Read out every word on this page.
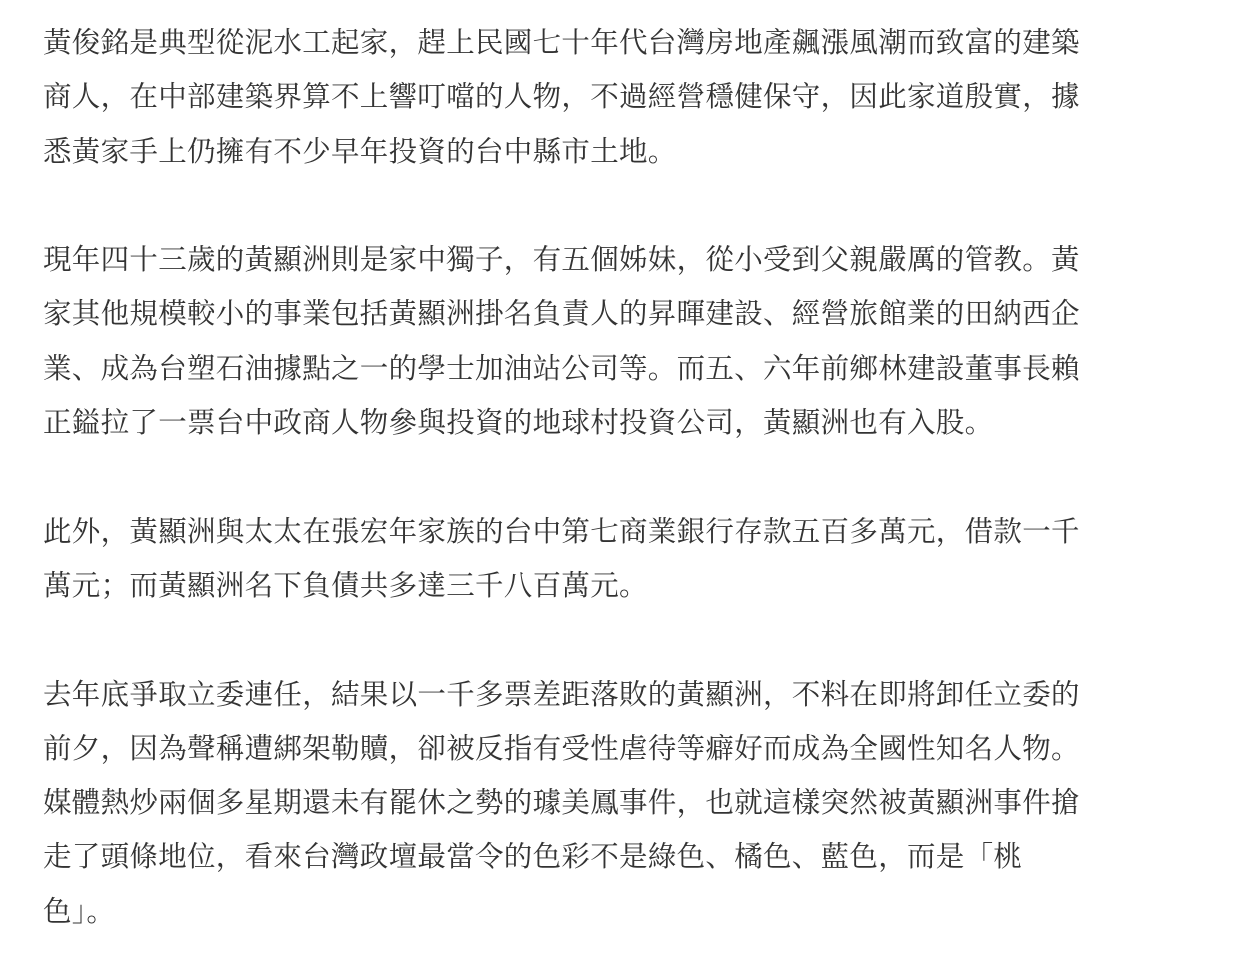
黃俊銘是典型從泥水工起家，趕上民國七十年代台灣房地產飆漲風潮而致富的建築
商人，在中部建築界算不上響叮噹的人物，不過經營穩健保守，因此家道殷實，據
悉黃家手上仍擁有不少早年投資的台中縣市土地。

現年四十三歲的黃顯洲則是家中獨子，有五個姊妹，從小受到父親嚴厲的管教。黃
家其他規模較小的事業包括黃顯洲掛名負責人的昇暉建設、經營旅館業的田納西企
業、成為台塑石油據點之一的學士加油站公司等。而五、六年前鄉林建設董事長賴
正鎰拉了一票台中政商人物參與投資的地球村投資公司，黃顯洲也有入股。

此外，黃顯洲與太太在張宏年家族的台中第七商業銀行存款五百多萬元，借款一千
萬元；而黃顯洲名下負債共多達三千八百萬元。

去年底爭取立委連任，結果以一千多票差距落敗的黃顯洲，不料在即將卸任立委的
前夕，因為聲稱遭綁架勒贖，卻被反指有受性虐待等癖好而成為全國性知名人物。
媒體熱炒兩個多星期還未有罷休之勢的璩美鳳事件，也就這樣突然被黃顯洲事件搶
走了頭條地位，看來台灣政壇最當令的色彩不是綠色、橘色、藍色，而是「桃
色」。
